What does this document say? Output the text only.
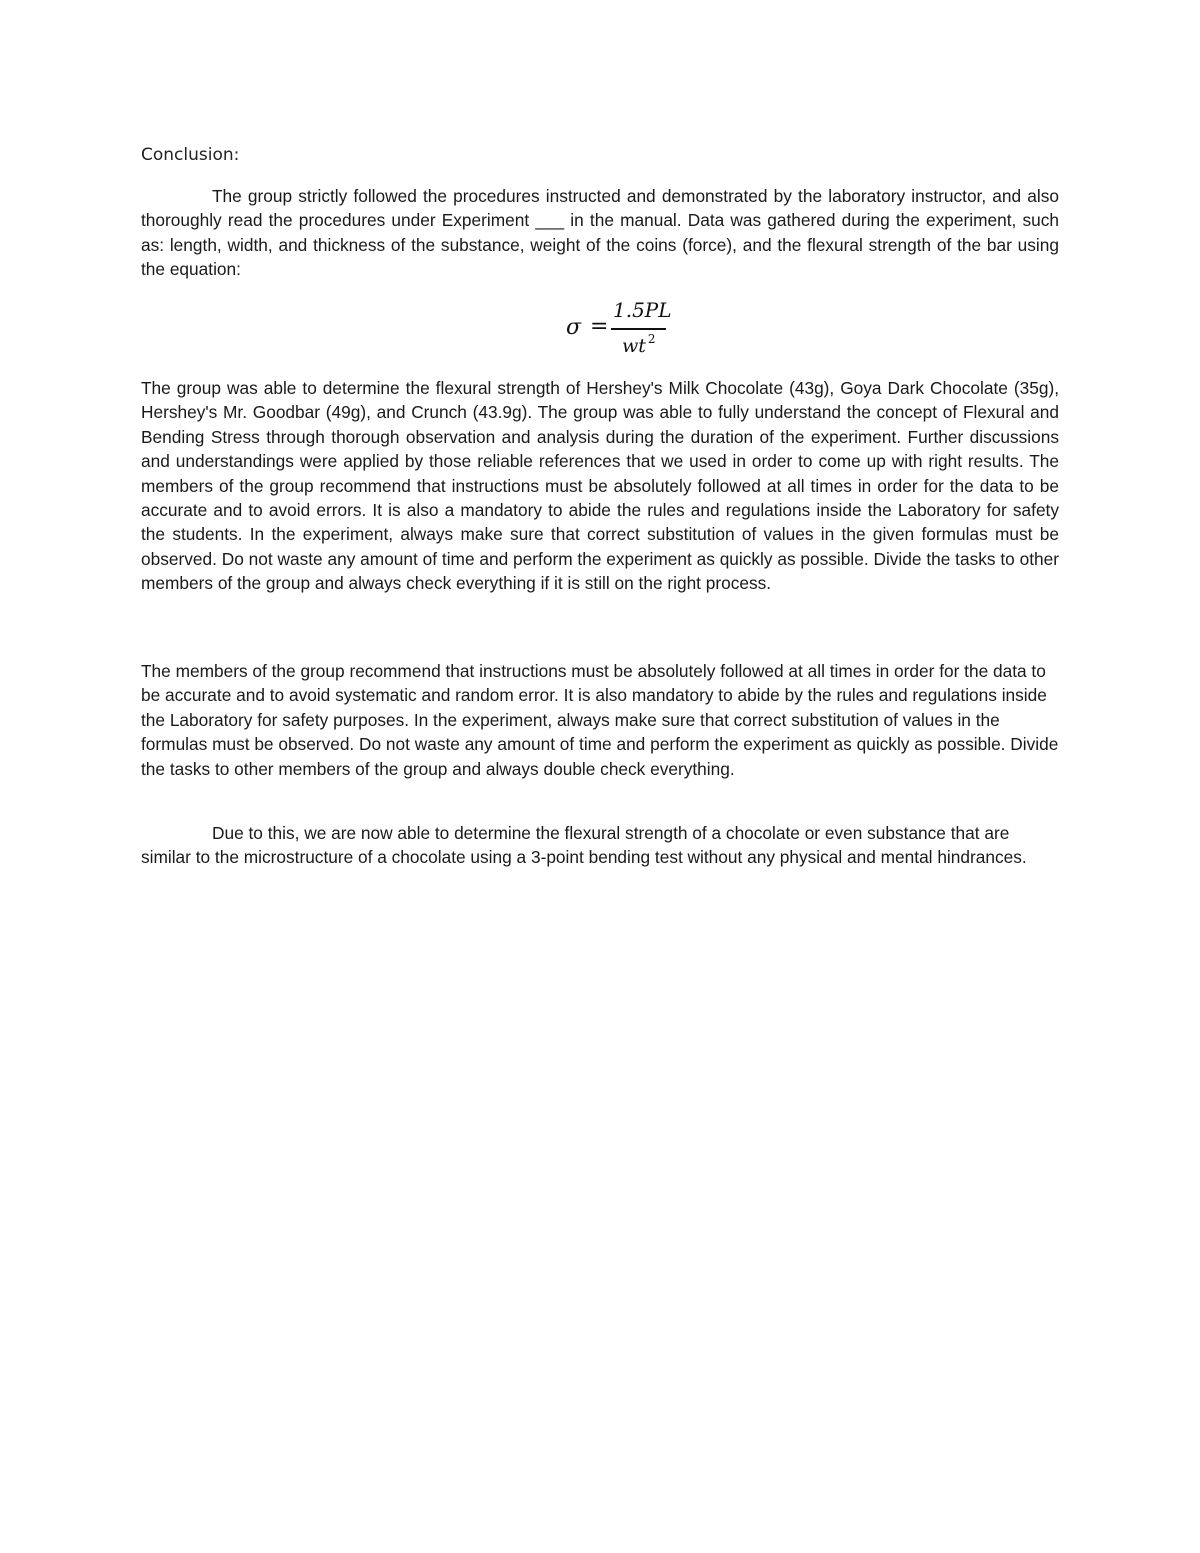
Conclusion:

The group strictly followed the procedures instructed and demonstrated by the laboratory instructor, and also thoroughly read the procedures under Experiment ___ in the manual. Data was gathered during the experiment, such as: length, width, and thickness of the substance, weight of the coins (force), and the flexural strength of the bar using the equation:

σ =
1.5PL
wt $^2$

The group was able to determine the flexural strength of Hershey's Milk Chocolate (43g), Goya Dark Chocolate (35g), Hershey's Mr. Goodbar (49g), and Crunch (43.9g). The group was able to fully understand the concept of Flexural and Bending Stress through thorough observation and analysis during the duration of the experiment. Further discussions and understandings were applied by those reliable references that we used in order to come up with right results. The members of the group recommend that instructions must be absolutely followed at all times in order for the data to be accurate and to avoid errors. It is also a mandatory to abide the rules and regulations inside the Laboratory for safety the students. In the experiment, always make sure that correct substitution of values in the given formulas must be observed. Do not waste any amount of time and perform the experiment as quickly as possible. Divide the tasks to other members of the group and always check everything if it is still on the right process.

The members of the group recommend that instructions must be absolutely followed at all times in order for the data to be accurate and to avoid systematic and random error. It is also mandatory to abide by the rules and regulations inside the Laboratory for safety purposes. In the experiment, always make sure that correct substitution of values in the formulas must be observed. Do not waste any amount of time and perform the experiment as quickly as possible. Divide the tasks to other members of the group and always double check everything.

Due to this, we are now able to determine the flexural strength of a chocolate or even substance that are similar to the microstructure of a chocolate using a 3-point bending test without any physical and mental hindrances.
